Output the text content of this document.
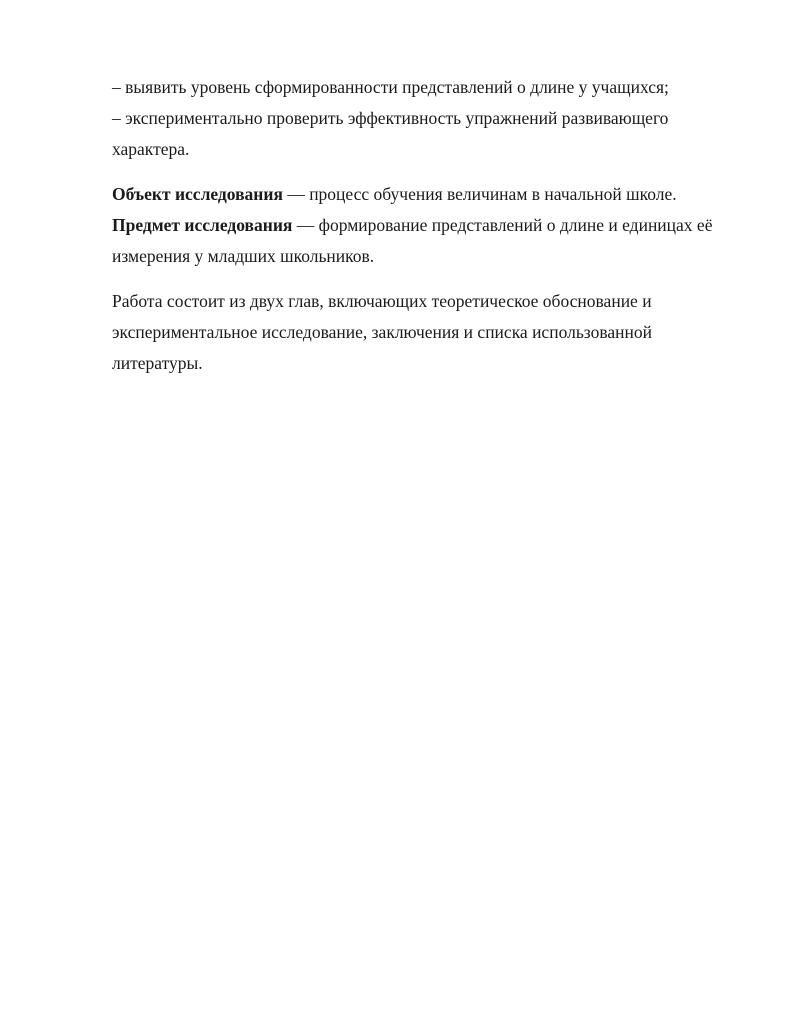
– выявить уровень сформированности представлений о длине у учащихся;
– экспериментально проверить эффективность упражнений развивающего
характера.

Объект исследования — процесс обучения величинам в начальной школе.
Предмет исследования — формирование представлений о длине и единицах её
измерения у младших школьников.

Работа состоит из двух глав, включающих теоретическое обоснование и
экспериментальное исследование, заключения и списка использованной
литературы.
